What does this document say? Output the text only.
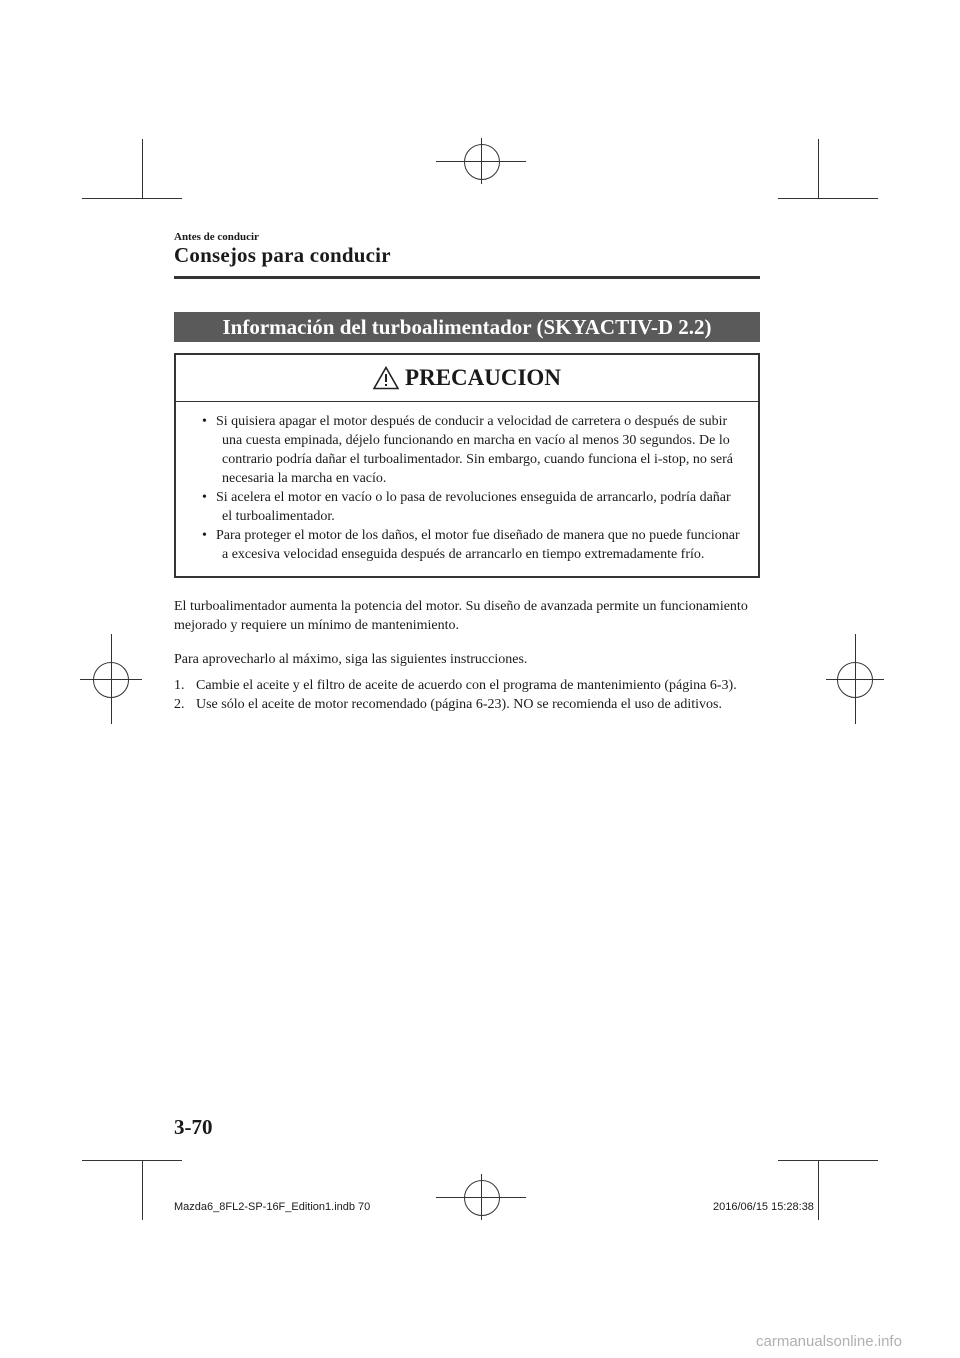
Antes de conducir
Consejos para conducir
Información del turboalimentador (SKYACTIV-D 2.2)
PRECAUCION
• Si quisiera apagar el motor después de conducir a velocidad de carretera o después de subir una cuesta empinada, déjelo funcionando en marcha en vacío al menos 30 segundos. De lo contrario podría dañar el turboalimentador. Sin embargo, cuando funciona el i-stop, no será necesaria la marcha en vacío.
• Si acelera el motor en vacío o lo pasa de revoluciones enseguida de arrancarlo, podría dañar el turboalimentador.
• Para proteger el motor de los daños, el motor fue diseñado de manera que no puede funcionar a excesiva velocidad enseguida después de arrancarlo en tiempo extremadamente frío.
El turboalimentador aumenta la potencia del motor. Su diseño de avanzada permite un funcionamiento mejorado y requiere un mínimo de mantenimiento.
Para aprovecharlo al máximo, siga las siguientes instrucciones.
1. Cambie el aceite y el filtro de aceite de acuerdo con el programa de mantenimiento (página 6-3).
2. Use sólo el aceite de motor recomendado (página 6-23). NO se recomienda el uso de aditivos.
3-70
Mazda6_8FL2-SP-16F_Edition1.indb 70	2016/06/15 15:28:38
carmanualsonline.info
